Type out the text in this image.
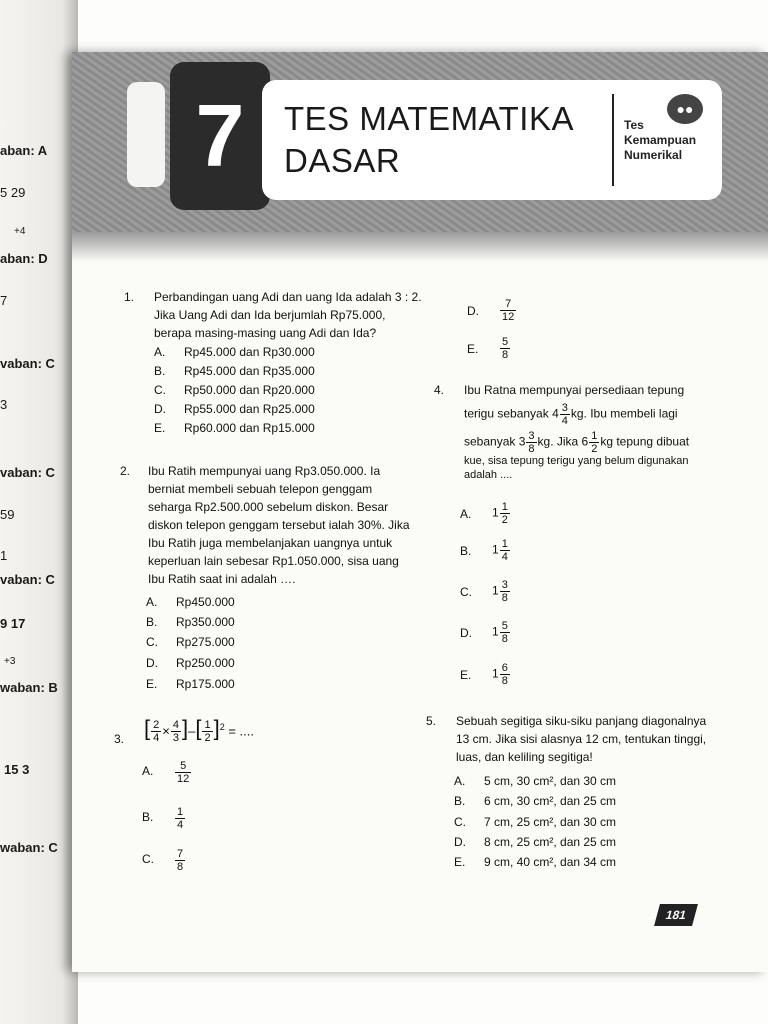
aban: A
5 29
+4
aban: D
7
vaban: C
3
vaban: C
59
1
vaban: C
9 17
+3
waban: B
15 3
waban: C
7	TES MATEMATIKA
DASAR
●●
Tes
Kemampuan
Numerikal
1.	Perbandingan uang Adi dan uang Ida adalah 3 : 2. Jika Uang Adi dan Ida berjumlah Rp75.000, berapa masing-masing uang Adi dan Ida?
A. Rp45.000 dan Rp30.000
B. Rp45.000 dan Rp35.000
C. Rp50.000 dan Rp20.000
D. Rp55.000 dan Rp25.000
E. Rp60.000 dan Rp15.000
2.	Ibu Ratih mempunyai uang Rp3.050.000. Ia berniat membeli sebuah telepon genggam seharga Rp2.500.000 sebelum diskon. Besar diskon telepon genggam tersebut ialah 30%. Jika Ibu Ratih juga membelanjakan uangnya untuk keperluan lain sebesar Rp1.050.000, sisa uang Ibu Ratih saat ini adalah ….
A. Rp450.000
B. Rp350.000
C. Rp275.000
D. Rp250.000
E. Rp175.000
3. [ $\frac{2}{4} \times \frac{4}{3}$ ]–[ $\frac{1}{2} ]^2$ = ....
A. $\frac{5}{12}$
B. $\frac{1}{4}$
C. $\frac{7}{8}$
D. $\frac{7}{12}$
E. $\frac{5}{8}$
4. Ibu Ratna mempunyai persediaan tepung
terigu sebanyak $4 \frac{3}{4}$ kg. Ibu membeli lagi
sebanyak $3 \frac{3}{8}$ kg. Jika $6 \frac{1}{2}$ kg tepung dibuat
kue, sisa tepung terigu yang belum digunakan adalah ....
A. $1 \frac{1}{2}$
B. $1 \frac{1}{4}$
C. $1 \frac{3}{8}$
D. $1 \frac{5}{8}$
E. $1 \frac{6}{8}$
5. Sebuah segitiga siku-siku panjang diagonalnya 13 cm. Jika sisi alasnya 12 cm, tentukan tinggi, luas, dan keliling segitiga!
A. 5 cm, 30 cm², dan 30 cm
B. 6 cm, 30 cm², dan 25 cm
C. 7 cm, 25 cm², dan 30 cm
D. 8 cm, 25 cm², dan 25 cm
E. 9 cm, 40 cm², dan 34 cm
181
